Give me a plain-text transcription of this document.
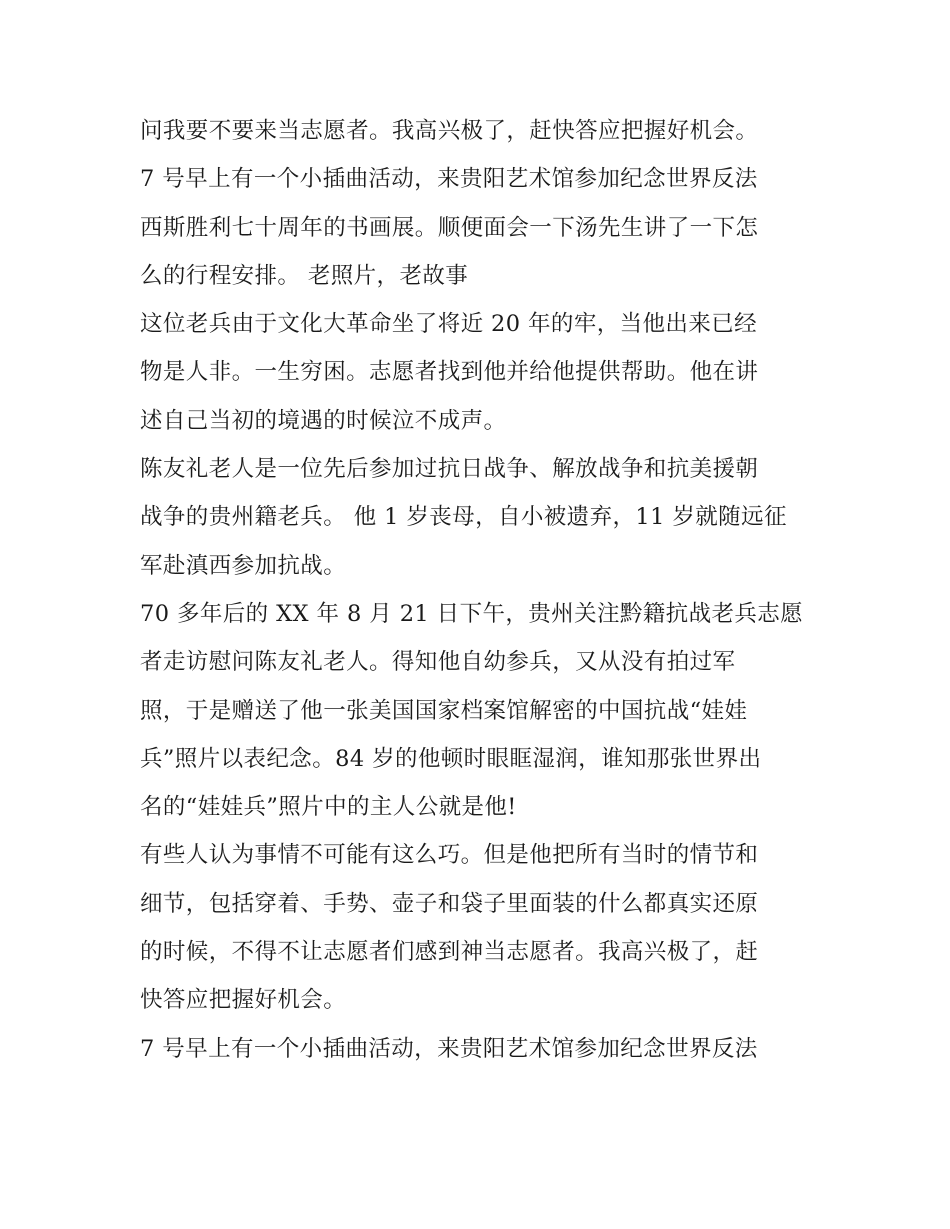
问我要不要来当志愿者。我高兴极了，赶快答应把握好机会。
7 号早上有一个小插曲活动，来贵阳艺术馆参加纪念世界反法
西斯胜利七十周年的书画展。顺便面会一下汤先生讲了一下怎
么的行程安排。 老照片，老故事
这位老兵由于文化大革命坐了将近 20 年的牢，当他出来已经
物是人非。一生穷困。志愿者找到他并给他提供帮助。他在讲
述自己当初的境遇的时候泣不成声。
陈友礼老人是一位先后参加过抗日战争、解放战争和抗美援朝
战争的贵州籍老兵。 他 1 岁丧母，自小被遗弃，11 岁就随远征
军赴滇西参加抗战。
70 多年后的 XX 年 8 月 21 日下午，贵州关注黔籍抗战老兵志愿
者走访慰问陈友礼老人。得知他自幼参兵，又从没有拍过军
照，于是赠送了他一张美国国家档案馆解密的中国抗战“娃娃
兵”照片以表纪念。84 岁的他顿时眼眶湿润，谁知那张世界出
名的“娃娃兵”照片中的主人公就是他!
有些人认为事情不可能有这么巧。但是他把所有当时的情节和
细节，包括穿着、手势、壶子和袋子里面装的什么都真实还原
的时候，不得不让志愿者们感到神当志愿者。我高兴极了，赶
快答应把握好机会。
7 号早上有一个小插曲活动，来贵阳艺术馆参加纪念世界反法
